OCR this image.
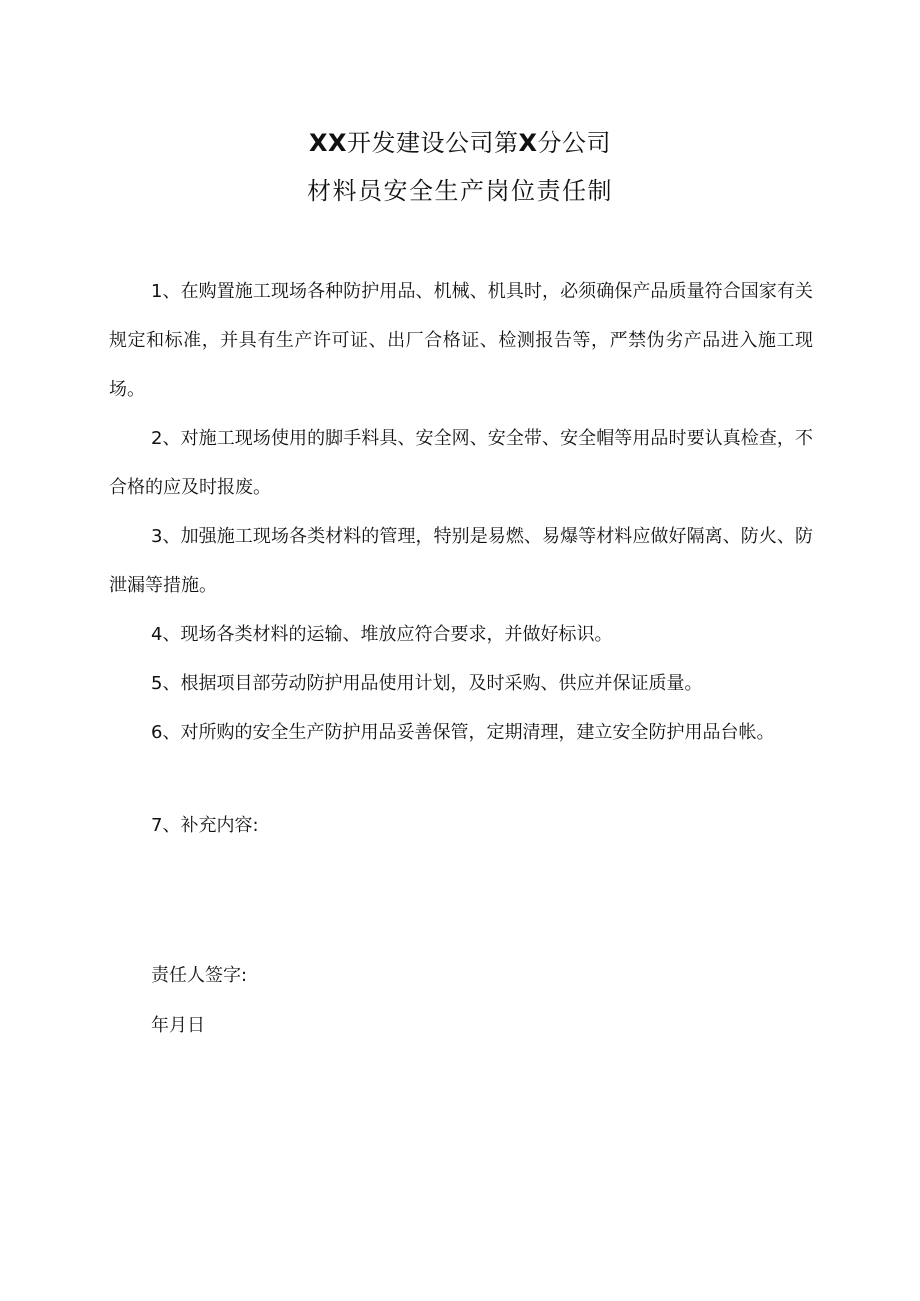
XX开发建设公司第X分公司
材料员安全生产岗位责任制

1、在购置施工现场各种防护用品、机械、机具时，必须确保产品质量符合国家有关规定和标准，并具有生产许可证、出厂合格证、检测报告等，严禁伪劣产品进入施工现场。

2、对施工现场使用的脚手料具、安全网、安全带、安全帽等用品时要认真检查，不合格的应及时报废。

3、加强施工现场各类材料的管理，特别是易燃、易爆等材料应做好隔离、防火、防泄漏等措施。

4、现场各类材料的运输、堆放应符合要求，并做好标识。

5、根据项目部劳动防护用品使用计划，及时采购、供应并保证质量。

6、对所购的安全生产防护用品妥善保管，定期清理，建立安全防护用品台帐。

7、补充内容:
责任人签字:
年月日
